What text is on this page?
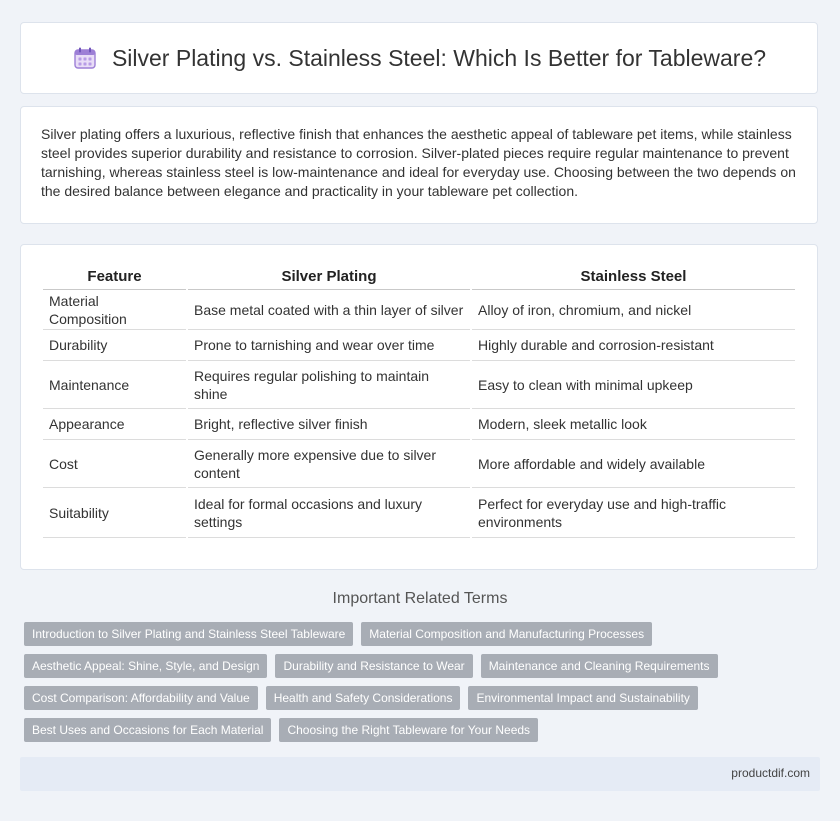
Silver Plating vs. Stainless Steel: Which Is Better for Tableware?

Silver plating offers a luxurious, reflective finish that enhances the aesthetic appeal of tableware pet items, while stainless steel provides superior durability and resistance to corrosion. Silver-plated pieces require regular maintenance to prevent tarnishing, whereas stainless steel is low-maintenance and ideal for everyday use. Choosing between the two depends on the desired balance between elegance and practicality in your tableware pet collection.

Feature	Silver Plating	Stainless Steel
Material Composition	Base metal coated with a thin layer of silver	Alloy of iron, chromium, and nickel
Durability	Prone to tarnishing and wear over time	Highly durable and corrosion-resistant
Maintenance	Requires regular polishing to maintain shine	Easy to clean with minimal upkeep
Appearance	Bright, reflective silver finish	Modern, sleek metallic look
Cost	Generally more expensive due to silver content	More affordable and widely available
Suitability	Ideal for formal occasions and luxury settings	Perfect for everyday use and high-traffic environments
Important Related Terms
Introduction to Silver Plating and Stainless Steel Tableware	Material Composition and Manufacturing Processes
Aesthetic Appeal: Shine, Style, and Design	Durability and Resistance to Wear	Maintenance and Cleaning Requirements
Cost Comparison: Affordability and Value	Health and Safety Considerations	Environmental Impact and Sustainability
Best Uses and Occasions for Each Material	Choosing the Right Tableware for Your Needs
productdif.com
